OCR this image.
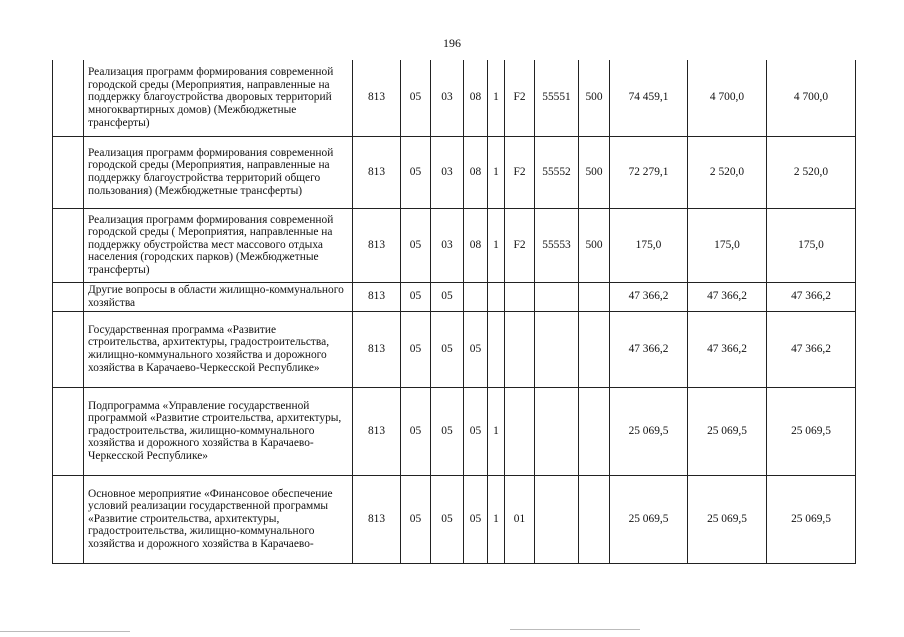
196
	Реализация программ формирования современной городской среды (Мероприятия, направленные на поддержку благоустройства дворовых территорий многоквартирных домов) (Межбюджетные трансферты)	813	05	03	08	1	F2	55551	500	74 459,1	4 700,0	4 700,0
	Реализация программ формирования современной городской среды (Мероприятия, направленные на поддержку благоустройства территорий общего пользования) (Межбюджетные трансферты)	813	05	03	08	1	F2	55552	500	72 279,1	2 520,0	2 520,0
	Реализация программ формирования современной городской среды ( Мероприятия, направленные на поддержку обустройства мест массового отдыха населения (городских парков) (Межбюджетные трансферты)	813	05	03	08	1	F2	55553	500	175,0	175,0	175,0
	Другие вопросы в области жилищно-коммунального хозяйства	813	05	05						47 366,2	47 366,2	47 366,2
	Государственная программа «Развитие строительства, архитектуры, градостроительства, жилищно-коммунального хозяйства и дорожного хозяйства в Карачаево-Черкесской Республике»	813	05	05	05					47 366,2	47 366,2	47 366,2
	Подпрограмма «Управление государственной программой «Развитие строительства, архитектуры, градостроительства, жилищно-коммунального хозяйства и дорожного хозяйства в Карачаево-Черкесской Республике»	813	05	05	05	1				25 069,5	25 069,5	25 069,5
	Основное мероприятие «Финансовое обеспечение условий реализации государственной программы «Развитие строительства, архитектуры, градостроительства, жилищно-коммунального хозяйства и дорожного хозяйства в Карачаево-	813	05	05	05	1	01			25 069,5	25 069,5	25 069,5
